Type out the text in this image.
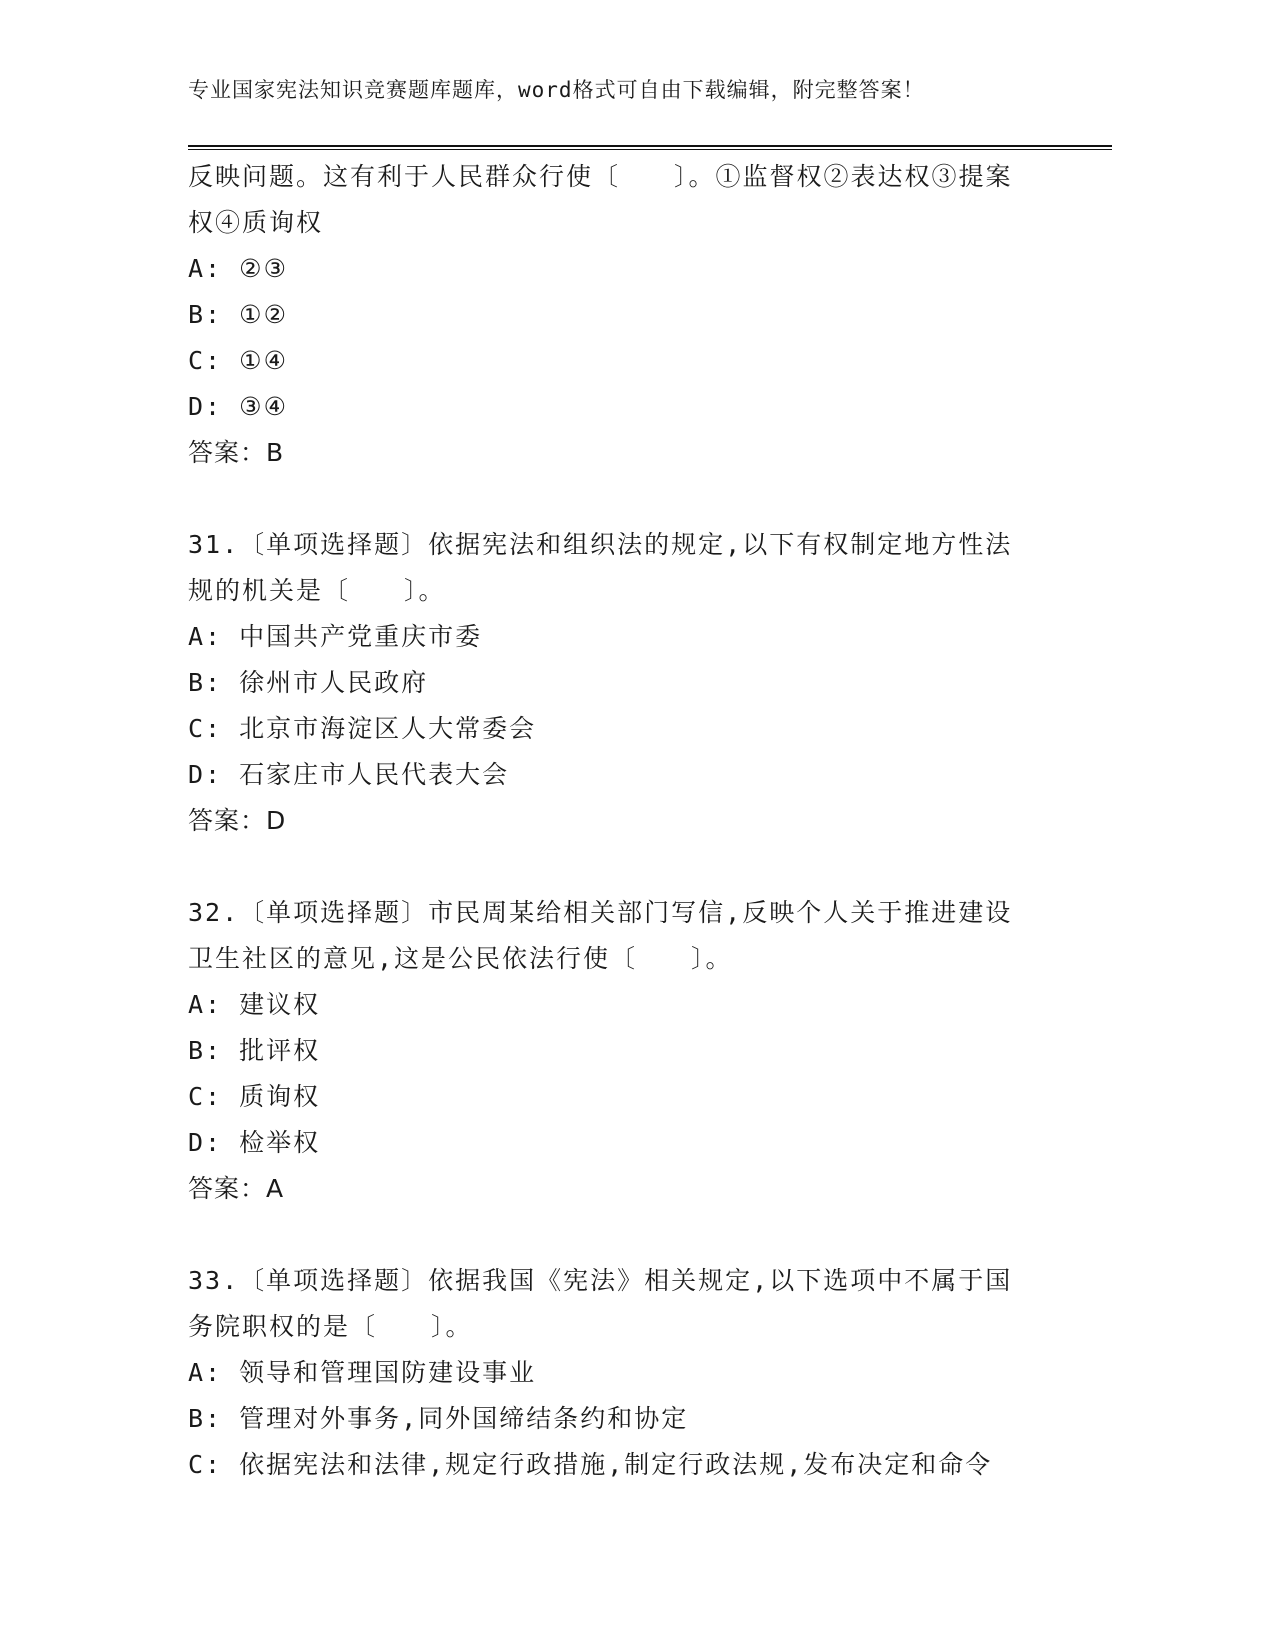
专业国家宪法知识竞赛题库题库，word格式可自由下载编辑，附完整答案！
反映问题。这有利于人民群众行使〔　　〕。①监督权②表达权③提案
权④质询权
A: ②③
B: ①②
C: ①④
D: ③④
答案：B
31.〔单项选择题〕依据宪法和组织法的规定,以下有权制定地方性法
规的机关是〔　　〕。
A: 中国共产党重庆市委
B: 徐州市人民政府
C: 北京市海淀区人大常委会
D: 石家庄市人民代表大会
答案：D
32.〔单项选择题〕市民周某给相关部门写信,反映个人关于推进建设
卫生社区的意见,这是公民依法行使〔　　〕。
A: 建议权
B: 批评权
C: 质询权
D: 检举权
答案：A
33.〔单项选择题〕依据我国《宪法》相关规定,以下选项中不属于国
务院职权的是〔　　〕。
A: 领导和管理国防建设事业
B: 管理对外事务,同外国缔结条约和协定
C: 依据宪法和法律,规定行政措施,制定行政法规,发布决定和命令
